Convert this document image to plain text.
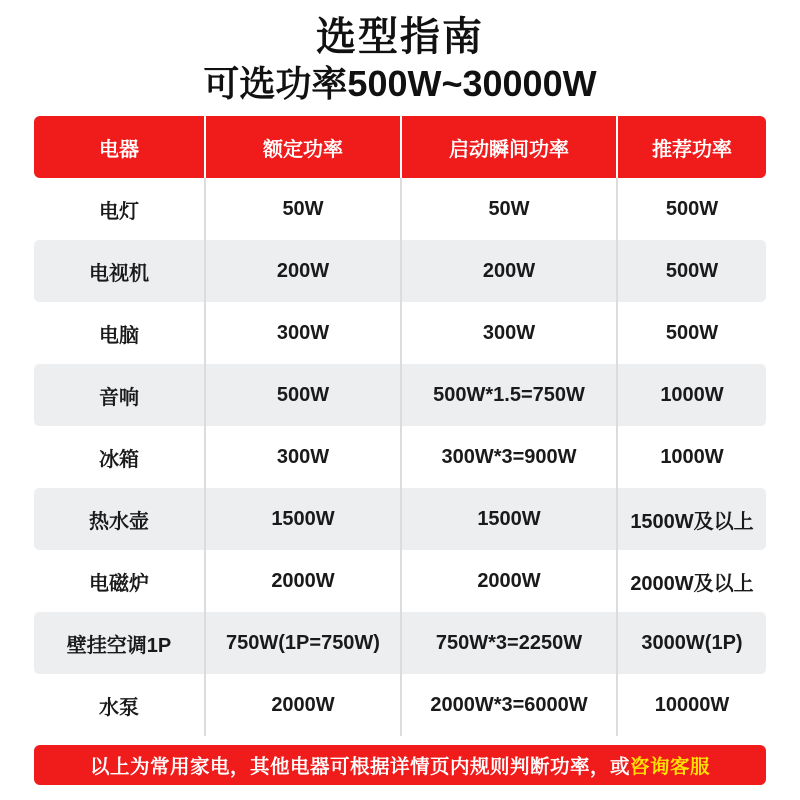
选型指南
可选功率500W~30000W
电器	额定功率	启动瞬间功率	推荐功率
电灯	50W	50W	500W
电视机	200W	200W	500W
电脑	300W	300W	500W
音响	500W	500W*1.5=750W	1000W
冰箱	300W	300W*3=900W	1000W
热水壶	1500W	1500W	1500W及以上
电磁炉	2000W	2000W	2000W及以上
壁挂空调1P	750W(1P=750W)	750W*3=2250W	3000W(1P)
水泵	2000W	2000W*3=6000W	10000W
以上为常用家电，其他电器可根据详情页内规则判断功率，或 咨询客服
